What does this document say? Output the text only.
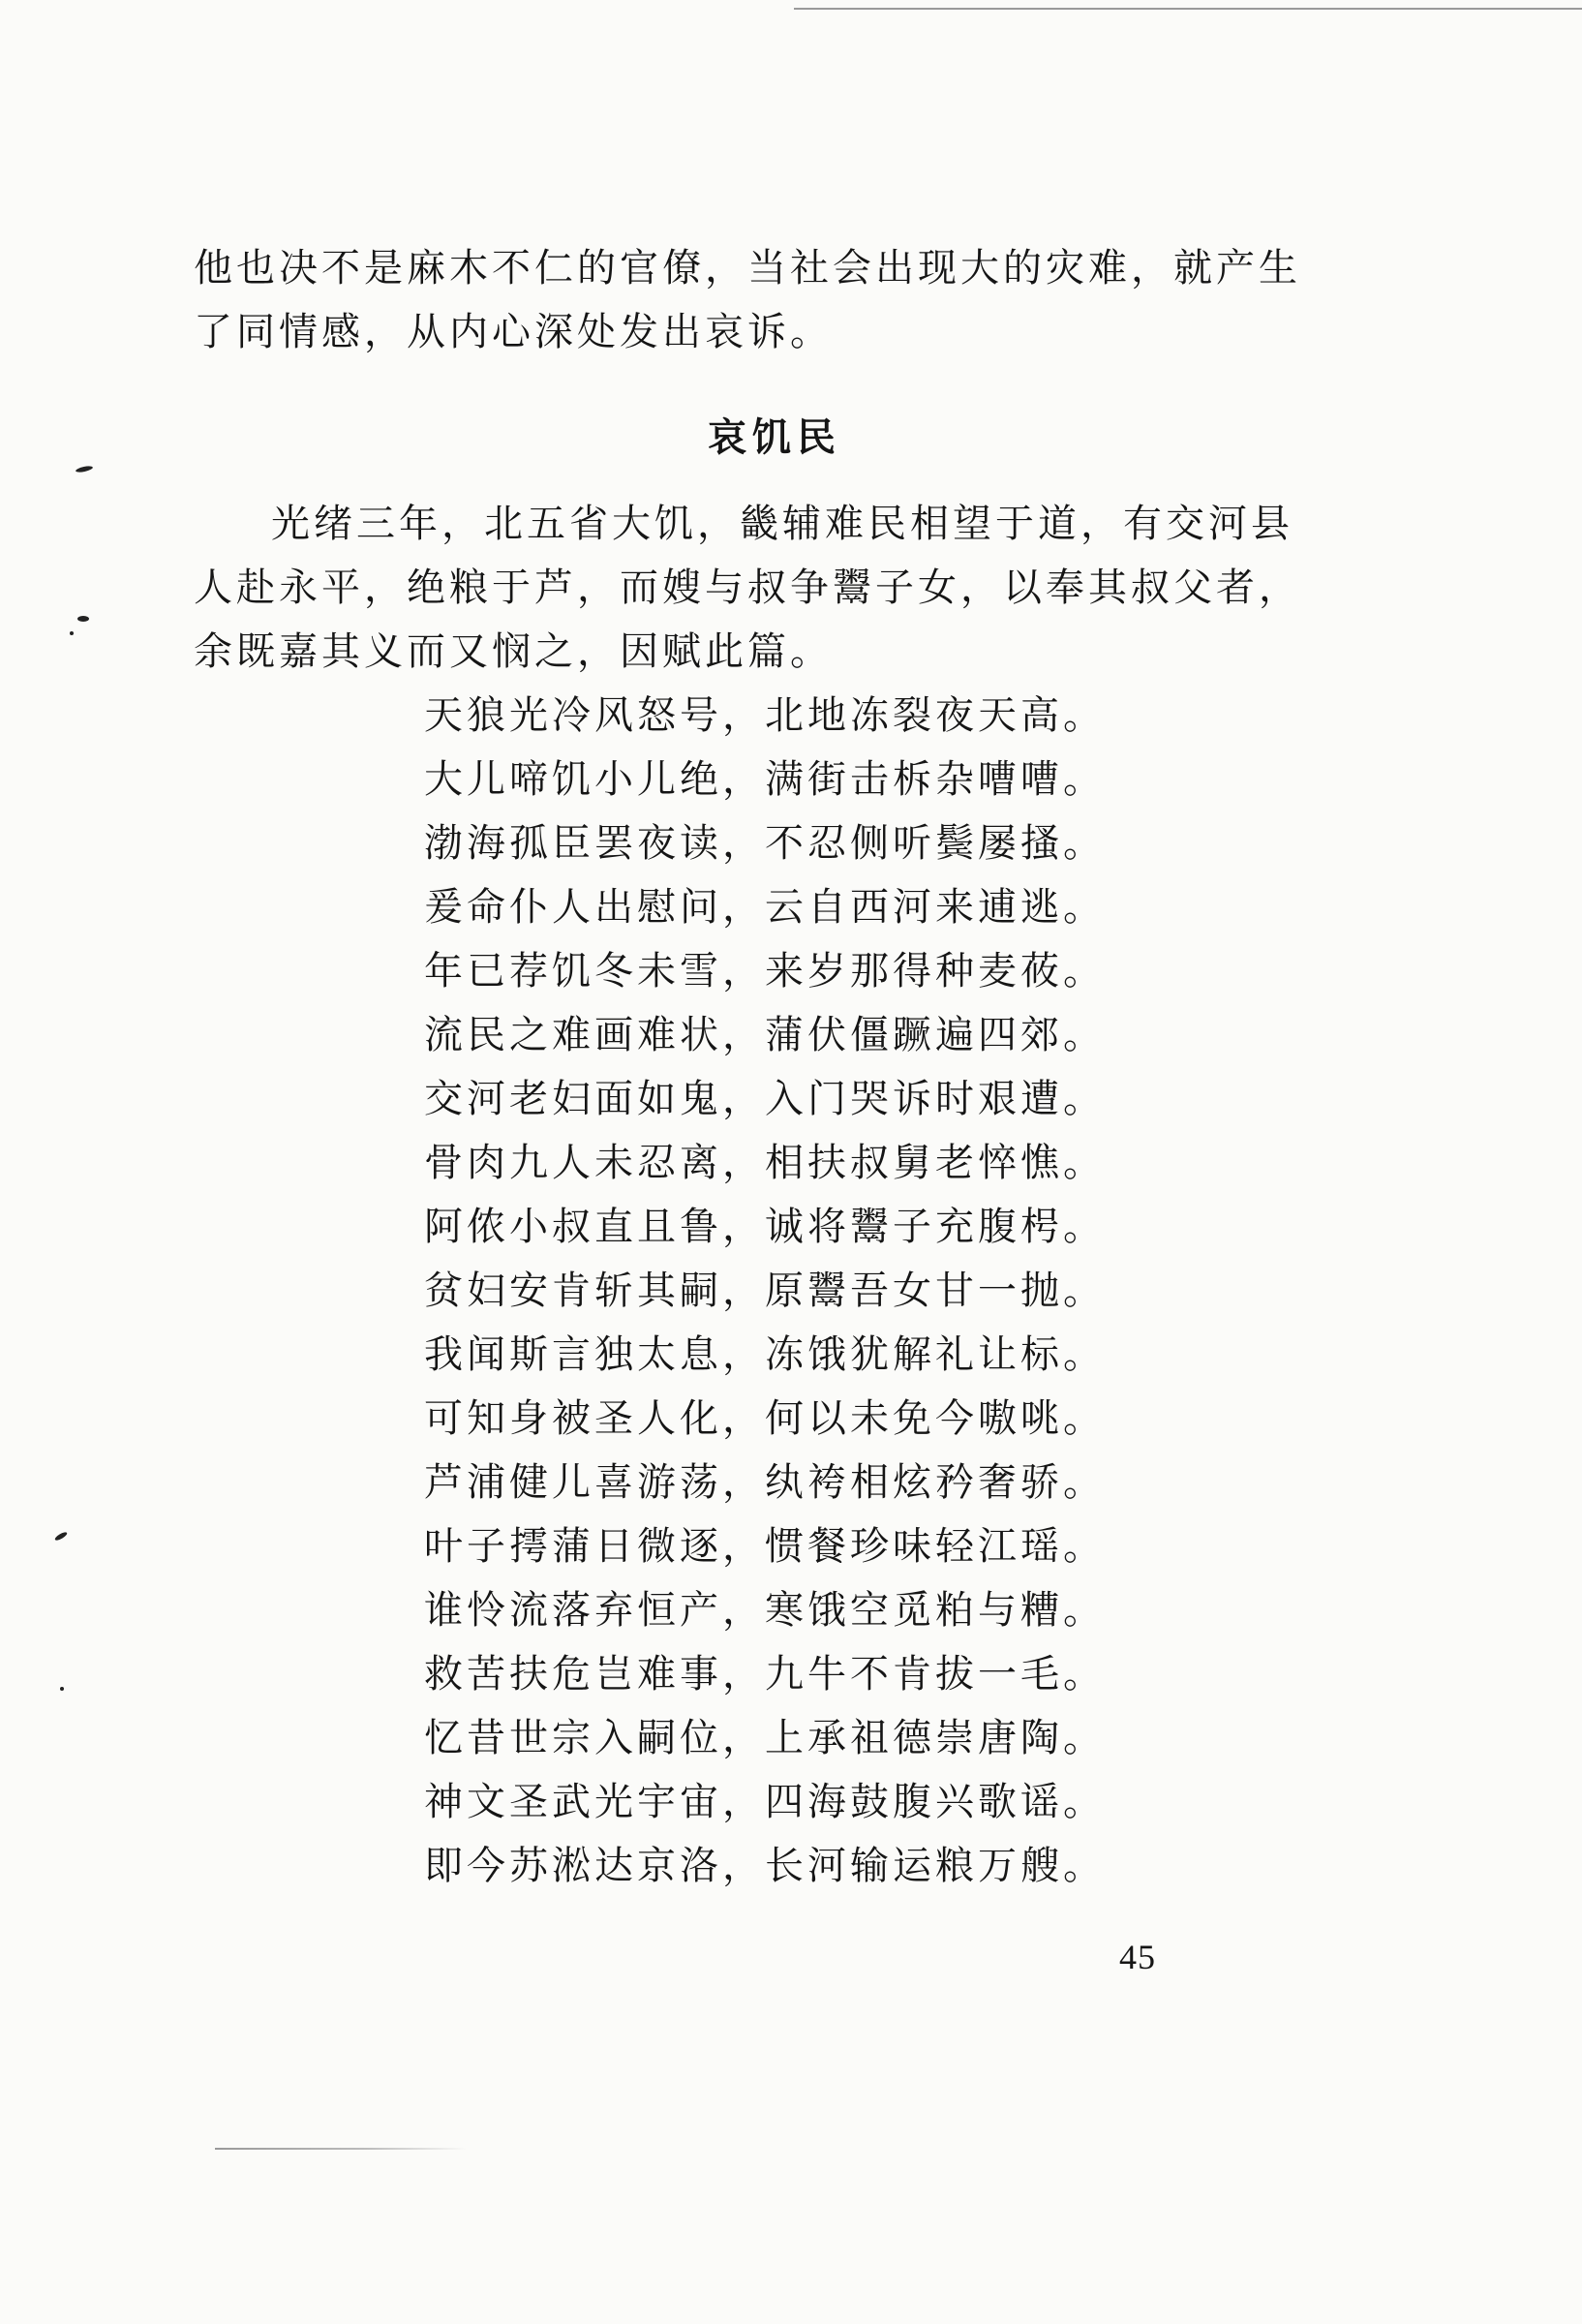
他也决不是麻木不仁的官僚，当社会出现大的灾难，就产生
了同情感，从内心深处发出哀诉。

哀饥民

光绪三年，北五省大饥，畿辅难民相望于道，有交河县
人赴永平，绝粮于芦，而嫂与叔争鬻子女，以奉其叔父者，
余既嘉其义而又悯之，因赋此篇。

天狼光冷风怒号，北地冻裂夜天高。
大儿啼饥小儿绝，满街击柝杂嘈嘈。
渤海孤臣罢夜读，不忍侧听鬓屡搔。
爰命仆人出慰问，云自西河来逋逃。
年已荐饥冬未雪，来岁那得种麦莜。
流民之难画难状，蒲伏僵蹶遍四郊。
交河老妇面如鬼，入门哭诉时艰遭。
骨肉九人未忍离，相扶叔舅老悴憔。
阿侬小叔直且鲁，诚将鬻子充腹枵。
贫妇安肯斩其嗣，原鬻吾女甘一抛。
我闻斯言独太息，冻饿犹解礼让标。
可知身被圣人化，何以未免今嗷咷。
芦浦健儿喜游荡，纨袴相炫矜奢骄。
叶子摴蒲日微逐，惯餐珍味轻江瑶。
谁怜流落弃恒产，寒饿空觅粕与糟。
救苦扶危岂难事，九牛不肯拔一毛。
忆昔世宗入嗣位，上承祖德崇唐陶。
神文圣武光宇宙，四海鼓腹兴歌谣。
即今苏淞达京洛，长河输运粮万艘。
45
